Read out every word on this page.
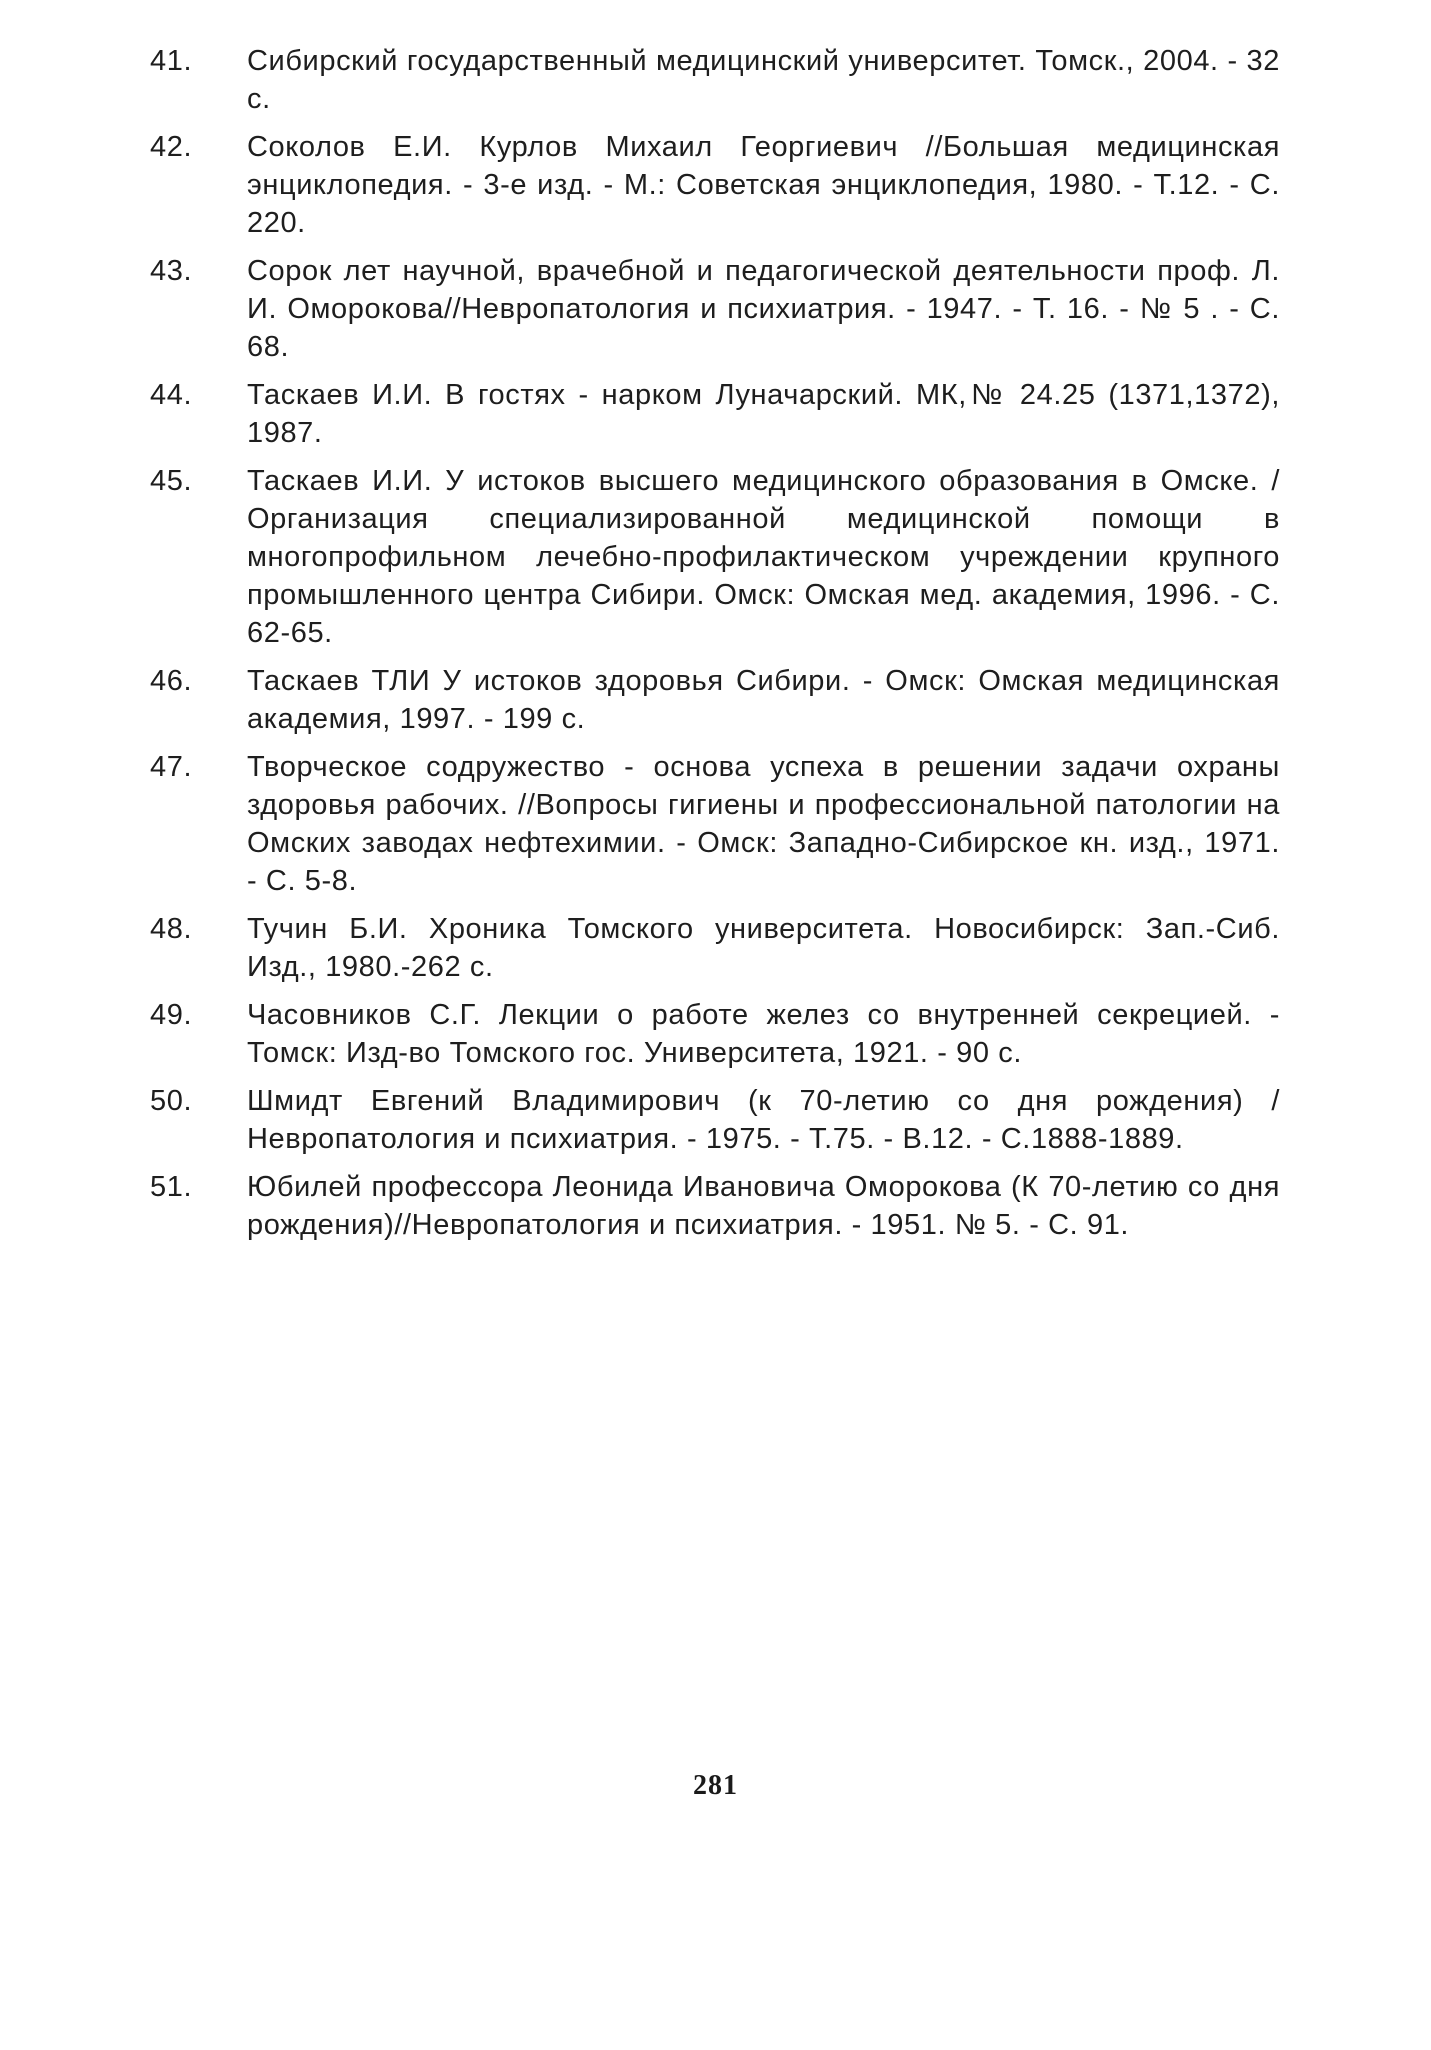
41.	Сибирский государственный медицинский университет. Томск., 2004. - 32 с.
42.	Соколов Е.И. Курлов Михаил Георгиевич //Большая медицинская энциклопедия. - 3-е изд. - М.: Советская энциклопедия, 1980. - Т.12. - С. 220.
43.	Сорок лет научной, врачебной и педагогической деятельности проф. Л. И. Оморокова//Невропатология и психиатрия. - 1947. - Т. 16. - № 5 . - С. 68.
44.	Таскаев И.И. В гостях - нарком Луначарский. МК,№ 24.25 (1371,1372), 1987.
45.	Таскаев И.И. У истоков высшего медицинского образования в Омске. / Организация специализированной медицинской помощи в многопрофильном лечебно-профилактическом учреждении крупного промышленного центра Сибири. Омск: Омская мед. академия, 1996. - С. 62-65.
46.	Таскаев ТЛИ У истоков здоровья Сибири. - Омск: Омская медицинская академия, 1997. - 199 с.
47.	Творческое содружество - основа успеха в решении задачи охраны здоровья рабочих. //Вопросы гигиены и профессиональной патологии на Омских заводах нефтехимии. - Омск: Западно-Сибирское кн. изд., 1971. - С. 5-8.
48.	Тучин Б.И. Хроника Томского университета. Новосибирск: Зап.-Сиб. Изд., 1980.-262 с.
49.	Часовников С.Г. Лекции о работе желез со внутренней секрецией. - Томск: Изд-во Томского гос. Университета, 1921. - 90 с.
50.	Шмидт Евгений Владимирович (к 70-летию со дня рождения) / Невропатология и психиатрия. - 1975. - Т.75. - В.12. - С.1888-1889.
51.	Юбилей профессора Леонида Ивановича Оморокова (К 70-летию со дня рождения)//Невропатология и психиатрия. - 1951. № 5. - С. 91.
281
